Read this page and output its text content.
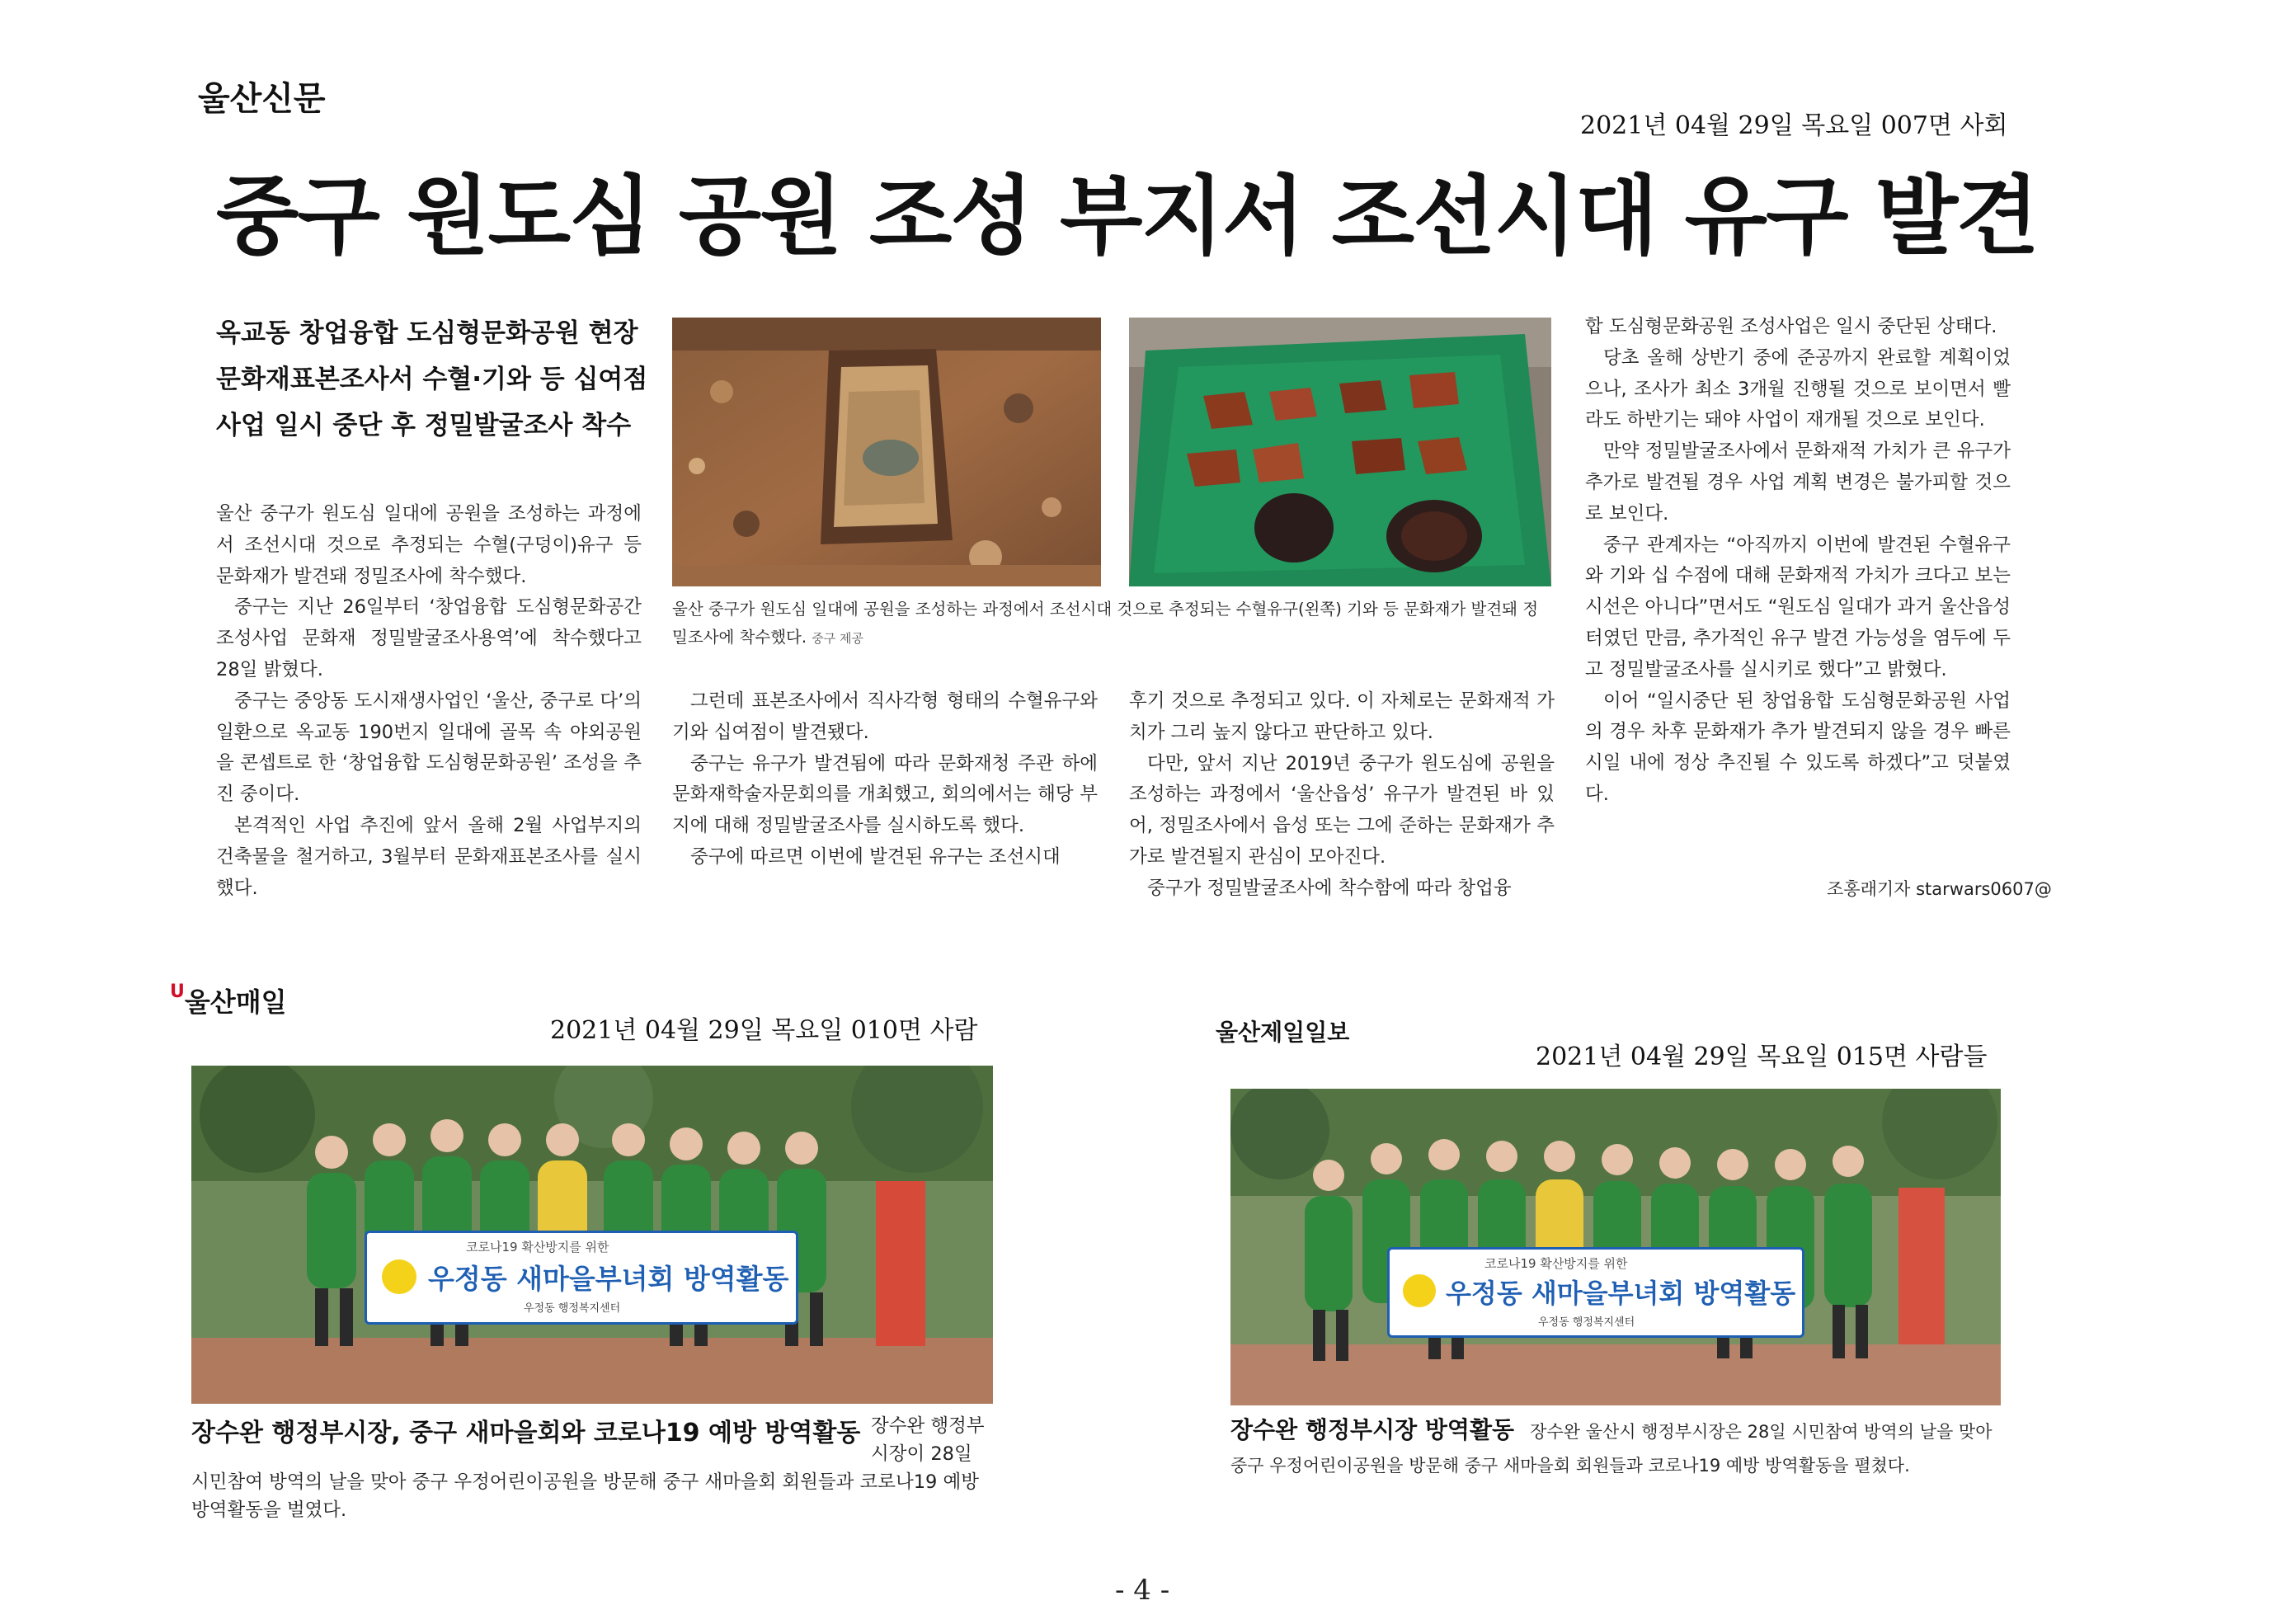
울산신문
2021년 04월 29일 목요일 007면 사회
중구 원도심 공원 조성 부지서 조선시대 유구 발견
옥교동 창업융합 도심형문화공원 현장
문화재표본조사서 수혈·기와 등 십여점
사업 일시 중단 후 정밀발굴조사 착수
울산 중구가 원도심 일대에 공원을 조성하는 과정에서 조선시대 것으로 추정되는 수혈유구(왼쪽) 기와 등 문화재가 발견돼 정밀조사에 착수했다. 중구 제공

울산 중구가 원도심 일대에 공원을 조성하는 과정에서 조선시대 것으로 추정되는 수혈(구덩이)유구 등 문화재가 발견돼 정밀조사에 착수했다.

중구는 지난 26일부터 ‘창업융합 도심형문화공간 조성사업 문화재 정밀발굴조사용역’에 착수했다고 28일 밝혔다.

중구는 중앙동 도시재생사업인 ‘울산, 중구로 다’의 일환으로 옥교동 190번지 일대에 골목 속 야외공원을 콘셉트로 한 ‘창업융합 도심형문화공원’ 조성을 추진 중이다.

본격적인 사업 추진에 앞서 올해 2월 사업부지의 건축물을 철거하고, 3월부터 문화재표본조사를 실시했다.

그런데 표본조사에서 직사각형 형태의 수혈유구와 기와 십여점이 발견됐다.

중구는 유구가 발견됨에 따라 문화재청 주관 하에 문화재학술자문회의를 개최했고, 회의에서는 해당 부지에 대해 정밀발굴조사를 실시하도록 했다.

중구에 따르면 이번에 발견된 유구는 조선시대

후기 것으로 추정되고 있다. 이 자체로는 문화재적 가치가 그리 높지 않다고 판단하고 있다.

다만, 앞서 지난 2019년 중구가 원도심에 공원을 조성하는 과정에서 ‘울산읍성’ 유구가 발견된 바 있어, 정밀조사에서 읍성 또는 그에 준하는 문화재가 추가로 발견될지 관심이 모아진다.

중구가 정밀발굴조사에 착수함에 따라 창업융

합 도심형문화공원 조성사업은 일시 중단된 상태다.

당초 올해 상반기 중에 준공까지 완료할 계획이었으나, 조사가 최소 3개월 진행될 것으로 보이면서 빨라도 하반기는 돼야 사업이 재개될 것으로 보인다.

만약 정밀발굴조사에서 문화재적 가치가 큰 유구가 추가로 발견될 경우 사업 계획 변경은 불가피할 것으로 보인다.

중구 관계자는 “아직까지 이번에 발견된 수혈유구와 기와 십 수점에 대해 문화재적 가치가 크다고 보는 시선은 아니다”면서도 “원도심 일대가 과거 울산읍성 터였던 만큼, 추가적인 유구 발견 가능성을 염두에 두고 정밀발굴조사를 실시키로 했다”고 밝혔다.

이어 “일시중단 된 창업융합 도심형문화공원 사업의 경우 차후 문화재가 추가 발견되지 않을 경우 빠른 시일 내에 정상 추진될 수 있도록 하겠다”고 덧붙였다.

조홍래기자 starwars0607@
$^U$울산매일
2021년 04월 29일 목요일 010면 사람
코로나19 확산방지를 위한
우정동 새마을부녀회 방역활동
우정동 행정복지센터
장수완 행정부시장, 중구 새마을회와 코로나19 예방 방역활동 장수완 행정부 시장이 28일
시민참여 방역의 날을 맞아 중구 우정어린이공원을 방문해 중구 새마을회 회원들과 코로나19 예방 방역활동을 벌였다.
울산제일일보
2021년 04월 29일 목요일 015면 사람들
코로나19 확산방지를 위한
우정동 새마을부녀회 방역활동
우정동 행정복지센터
장수완 행정부시장 방역활동 장수완 울산시 행정부시장은 28일 시민참여 방역의 날을 맞아
중구 우정어린이공원을 방문해 중구 새마을회 회원들과 코로나19 예방 방역활동을 펼쳤다.
- 4 -
